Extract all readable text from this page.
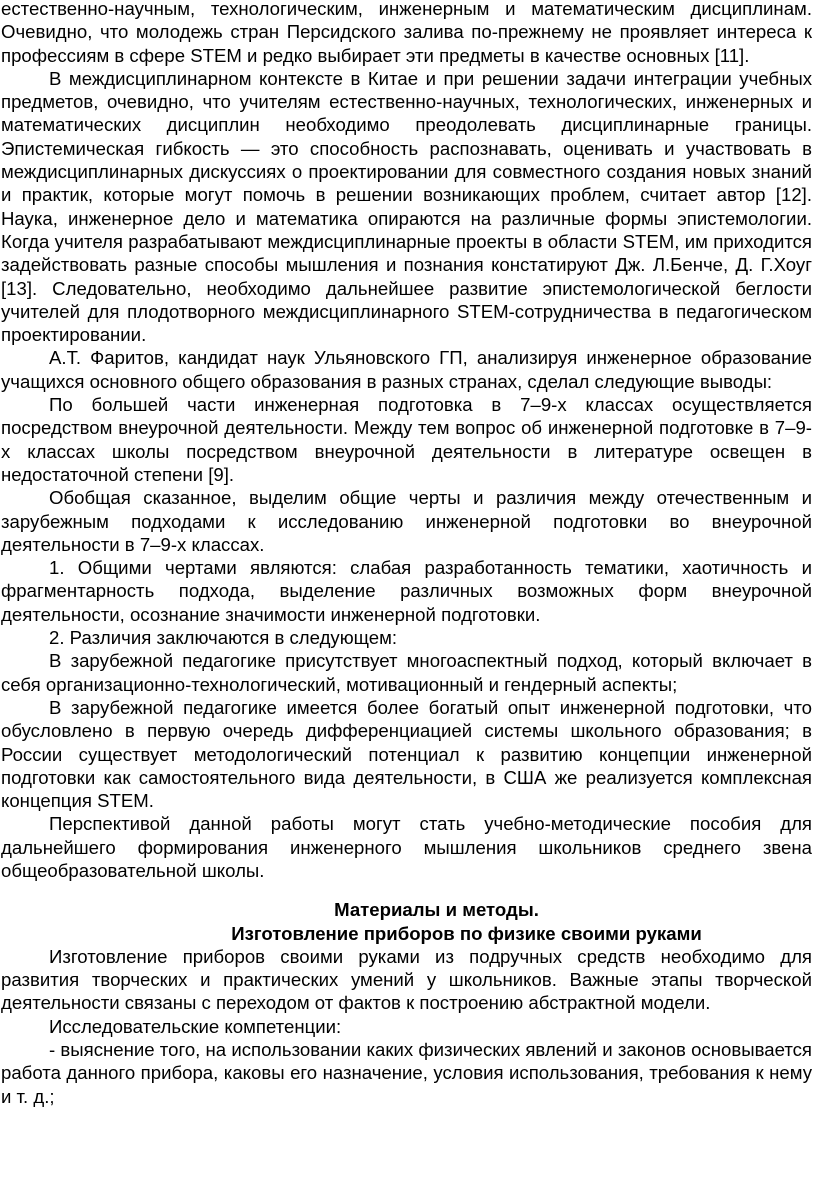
естественно-научным, технологическим, инженерным и математическим дисциплинам. Очевидно, что молодежь стран Персидского залива по-прежнему не проявляет интереса к профессиям в сфере STEM и редко выбирает эти предметы в качестве основных [11].

В междисциплинарном контексте в Китае и при решении задачи интеграции учебных предметов, очевидно, что учителям естественно-научных, технологических, инженерных и математических дисциплин необходимо преодолевать дисциплинарные границы. Эпистемическая гибкость — это способность распознавать, оценивать и участвовать в междисциплинарных дискуссиях о проектировании для совместного создания новых знаний и практик, которые могут помочь в решении возникающих проблем, считает автор [12]. Наука, инженерное дело и математика опираются на различные формы эпистемологии. Когда учителя разрабатывают междисциплинарные проекты в области STEM, им приходится задействовать разные способы мышления и познания констатируют Дж. Л.Бенче, Д. Г.Хоуг [13]. Следовательно, необходимо дальнейшее развитие эпистемологической беглости учителей для плодотворного междисциплинарного STEM-сотрудничества в педагогическом проектировании.

А.Т. Фаритов, кандидат наук Ульяновского ГП, анализируя инженерное образование учащихся основного общего образования в разных странах, сделал следующие выводы:

По большей части инженерная подготовка в 7–9-х классах осуществляется посредством внеурочной деятельности. Между тем вопрос об инженерной подготовке в 7–9-х классах школы посредством внеурочной деятельности в литературе освещен в недостаточной степени [9].

Обобщая сказанное, выделим общие черты и различия между отечественным и зарубежным подходами к исследованию инженерной подготовки во внеурочной деятельности в 7–9-х классах.

1. Общими чертами являются: слабая разработанность тематики, хаотичность и фрагментарность подхода, выделение различных возможных форм внеурочной деятельности, осознание значимости инженерной подготовки.

2. Различия заключаются в следующем:

В зарубежной педагогике присутствует многоаспектный подход, который включает в себя организационно-технологический, мотивационный и гендерный аспекты;

В зарубежной педагогике имеется более богатый опыт инженерной подготовки, что обусловлено в первую очередь дифференциацией системы школьного образования; в России существует методологический потенциал к развитию концепции инженерной подготовки как самостоятельного вида деятельности, в США же реализуется комплексная концепция STEM.

Перспективой данной работы могут стать учебно-методические пособия для дальнейшего формирования инженерного мышления школьников среднего звена общеобразовательной школы.

Материалы и методы.
Изготовление приборов по физике своими руками

Изготовление приборов своими руками из подручных средств необходимо для развития творческих и практических умений у школьников. Важные этапы творческой деятельности связаны с переходом от фактов к построению абстрактной модели.

Исследовательские компетенции:

- выяснение того, на использовании каких физических явлений и законов основывается работа данного прибора, каковы его назначение, условия использования, требования к нему и т. д.;
